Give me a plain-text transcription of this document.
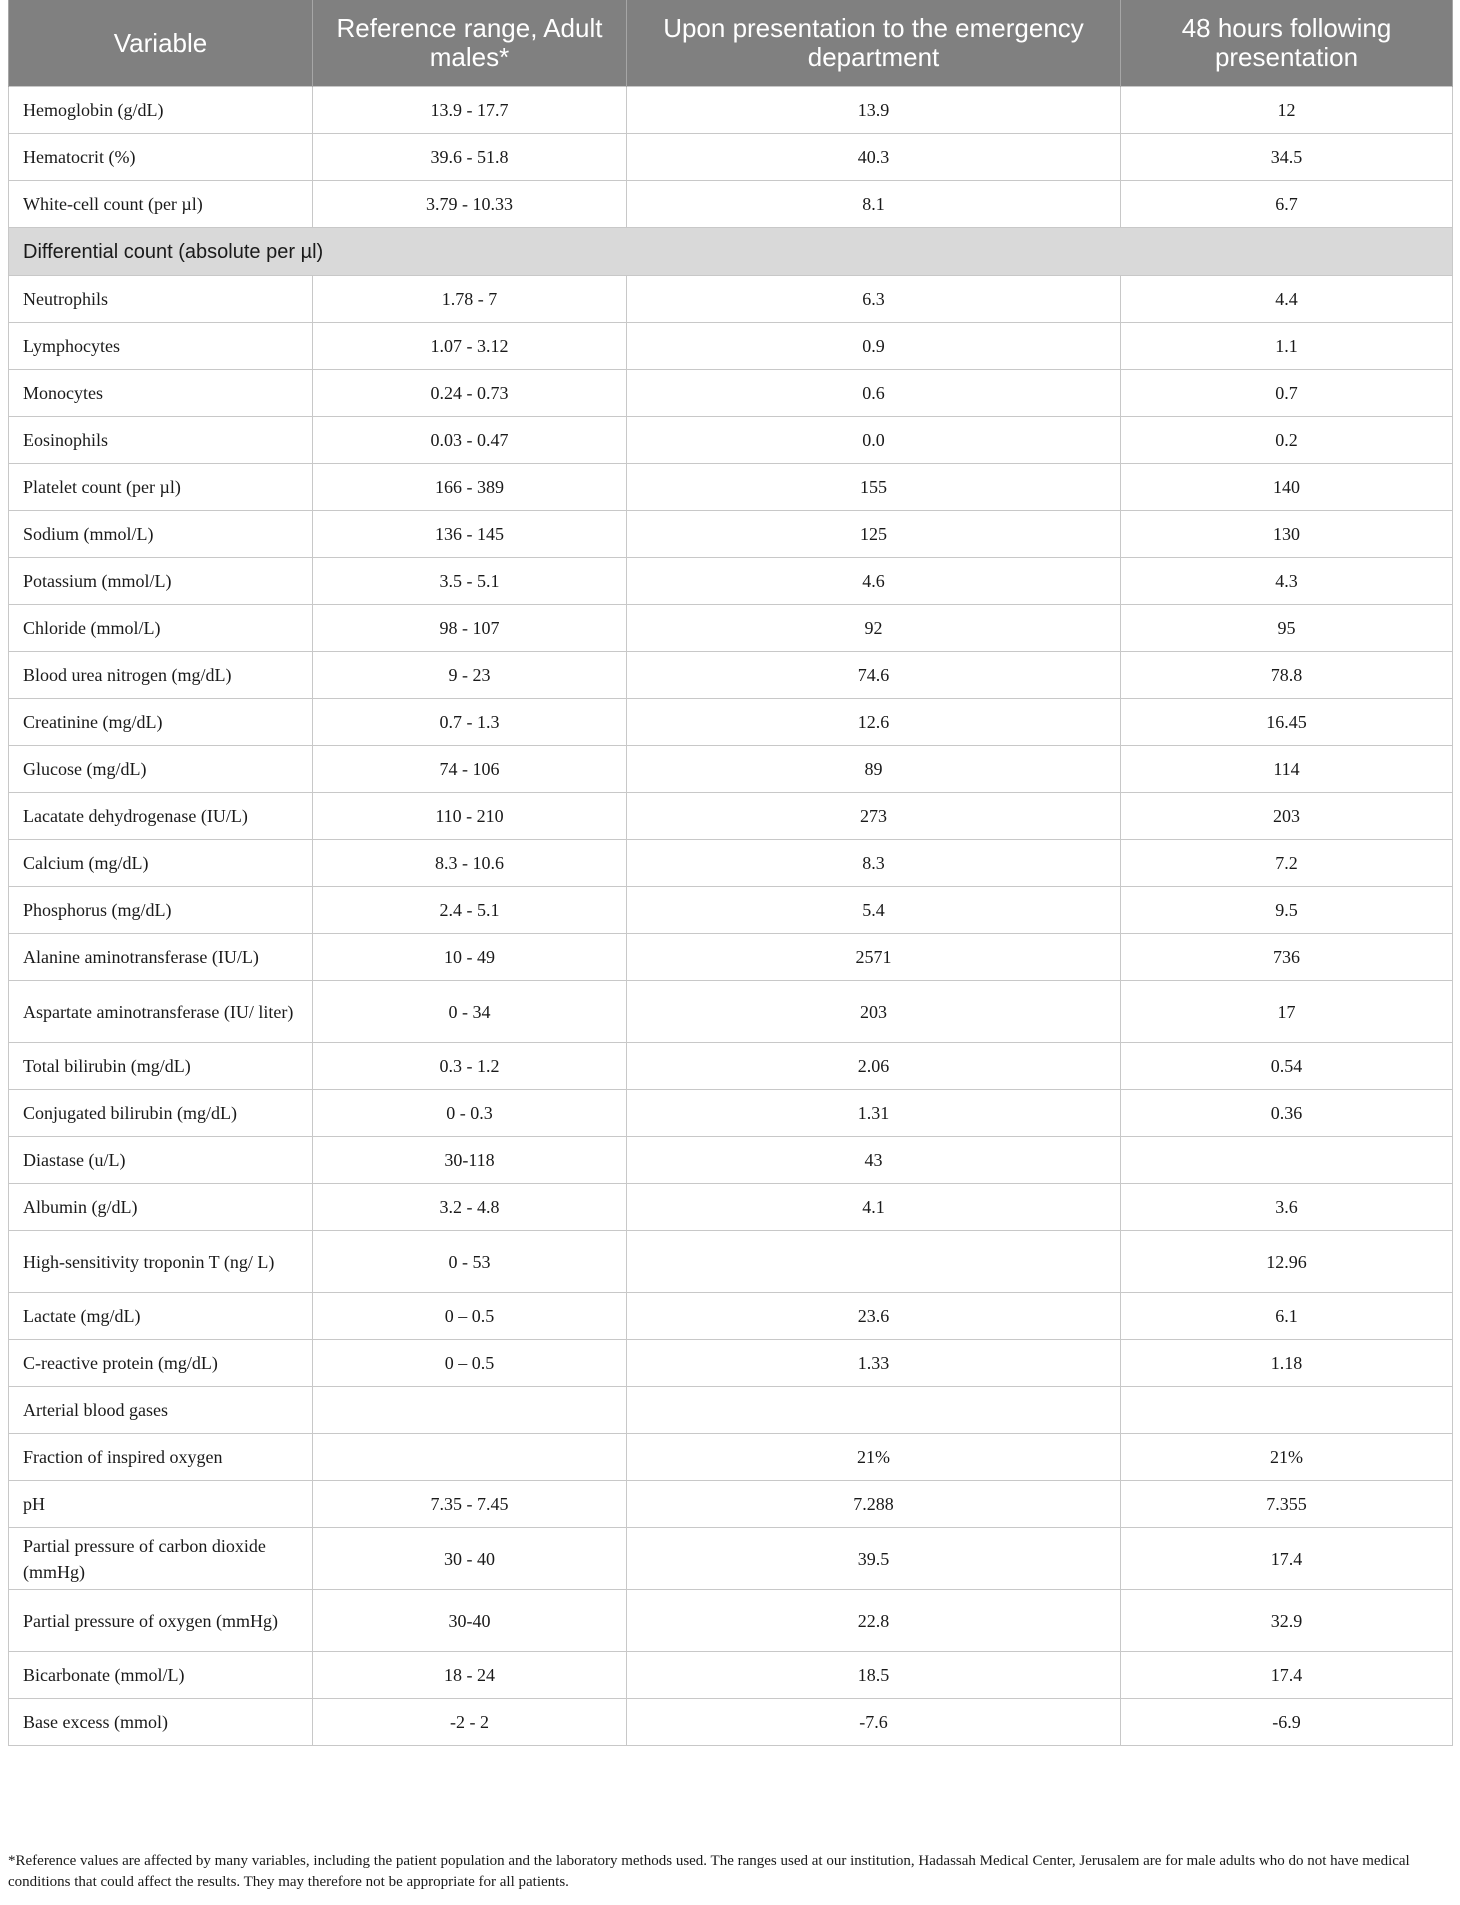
Variable	Reference range, Adult males*	Upon presentation to the emergency department	48 hours following presentation
Hemoglobin (g/dL)	13.9 - 17.7	13.9	12
Hematocrit (%)	39.6 - 51.8	40.3	34.5
White-cell count (per µl)	3.79 - 10.33	8.1	6.7
Differential count (absolute per µl)			
Neutrophils	1.78 - 7	6.3	4.4
Lymphocytes	1.07 - 3.12	0.9	1.1
Monocytes	0.24 - 0.73	0.6	0.7
Eosinophils	0.03 - 0.47	0.0	0.2
Platelet count (per µl)	166 - 389	155	140
Sodium (mmol/L)	136 - 145	125	130
Potassium (mmol/L)	3.5 - 5.1	4.6	4.3
Chloride (mmol/L)	98 - 107	92	95
Blood urea nitrogen (mg/dL)	9 - 23	74.6	78.8
Creatinine (mg/dL)	0.7 - 1.3	12.6	16.45
Glucose (mg/dL)	74 - 106	89	114
Lacatate dehydrogenase (IU/L)	110 - 210	273	203
Calcium (mg/dL)	8.3 - 10.6	8.3	7.2
Phosphorus (mg/dL)	2.4 - 5.1	5.4	9.5
Alanine aminotransferase (IU/L)	10 - 49	2571	736
Aspartate aminotransferase (IU/ liter)	0 - 34	203	17
Total bilirubin (mg/dL)	0.3 - 1.2	2.06	0.54
Conjugated bilirubin (mg/dL)	0 - 0.3	1.31	0.36
Diastase (u/L)	30-118	43	
Albumin (g/dL)	3.2 - 4.8	4.1	3.6
High-sensitivity troponin T (ng/ L)	0 - 53		12.96
Lactate (mg/dL)	0 – 0.5	23.6	6.1
C-reactive protein (mg/dL)	0 – 0.5	1.33	1.18
Arterial blood gases			
Fraction of inspired oxygen		21%	21%
pH	7.35 - 7.45	7.288	7.355
Partial pressure of carbon dioxide (mmHg)	30 - 40	39.5	17.4
Partial pressure of oxygen (mmHg)	30-40	22.8	32.9
Bicarbonate (mmol/L)	18 - 24	18.5	17.4
Base excess (mmol)	-2 - 2	-7.6	-6.9
*Reference values are affected by many variables, including the patient population and the laboratory methods used. The ranges used at our institution, Hadassah Medical Center, Jerusalem are for male adults who do not have medical conditions that could affect the results. They may therefore not be appropriate for all patients.
